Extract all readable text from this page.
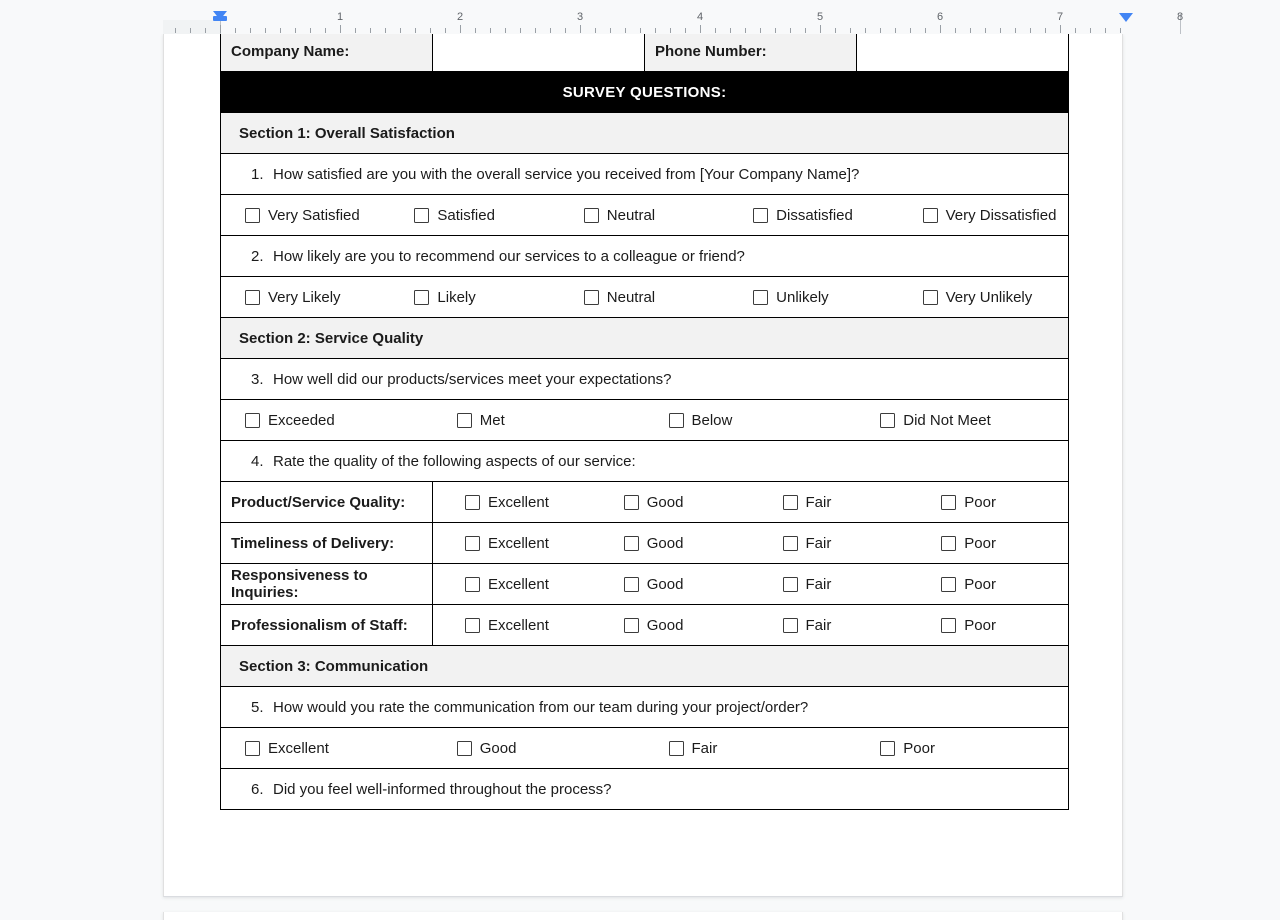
1	2	3	4	5	6	7	8
Company Name:		Phone Number:	
SURVEY QUESTIONS:			
Section 1: Overall Satisfaction			
1. How satisfied are you with the overall service you received from [Your Company Name]?			

Very Satisfied Satisfied Neutral Dissatisfied Very Dissatisfied			

2. How likely are you to recommend our services to a colleague or friend?			

Very Likely Likely Neutral Unlikely Very Unlikely			

Section 2: Service Quality			
3. How well did our products/services meet your expectations?			

Exceeded Met Below Did Not Meet			

4. Rate the quality of the following aspects of our service:			
Product/Service Quality:	Excellent Good Fair Poor		

Timeliness of Delivery:	Excellent Good Fair Poor		

Responsiveness to Inquiries:	Excellent Good Fair Poor		

Professionalism of Staff:	Excellent Good Fair Poor		

Section 3: Communication			
5. How would you rate the communication from our team during your project/order?			

Excellent Good Fair Poor			

6. Did you feel well-informed throughout the process?			
